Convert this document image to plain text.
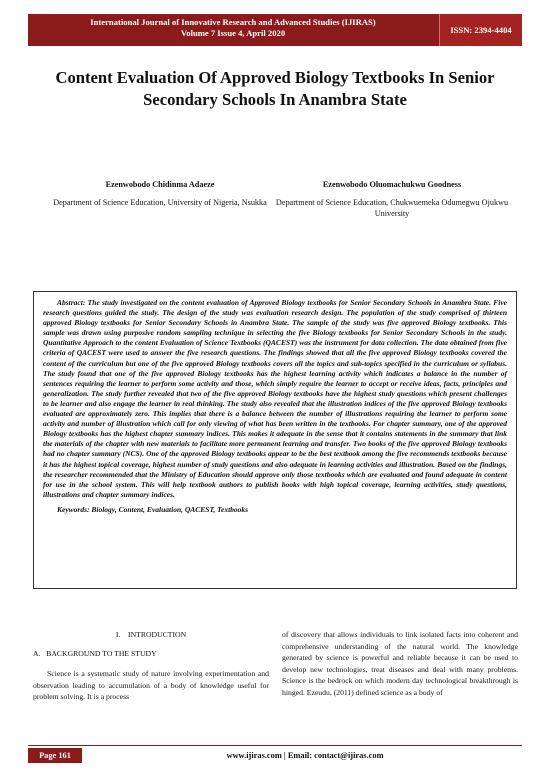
International Journal of Innovative Research and Advanced Studies (IJIRAS)
Volume 7 Issue 4, April 2020	ISSN: 2394-4404
Content Evaluation Of Approved Biology Textbooks In Senior Secondary Schools In Anambra State
Ezenwobodo Chidinma Adaeze
Department of Science Education, University of Nigeria, Nsukka
Ezenwobodo Oluomachukwu Goodness
Department of Science Education, Chukwuemeka Odumegwu Ojukwu University

Abstract: The study investigated on the content evaluation of Approved Biology textbooks for Senior Secondary Schools in Anambra State. Five research questions guided the study. The design of the study was evaluation research design. The population of the study comprised of thirteen approved Biology textbooks for Senior Secondary Schools in Anambra State. The sample of the study was five approved Biology textbooks. This sample was drawn using purposive random sampling technique in selecting the five Biology textbooks for Senior Secondary Schools in the study. Quantitative Approach to the content Evaluation of Science Textbooks (QACEST) was the instrument for data collection. The data obtained from five criteria of QACEST were used to answer the five research questions. The findings showed that all the five approved Biology textbooks covered the content of the curriculum but one of the five approved Biology textbooks covers all the topics and sub-topics specified in the curriculum or syllabus. The study found that one of the five approved Biology textbooks has the highest learning activity which indicates a balance in the number of sentences requiring the learner to perform some activity and those, which simply require the learner to accept or receive ideas, facts, principles and generalization. The study further revealed that two of the five approved Biology textbooks have the highest study questions which present challenges to be learner and also engage the learner in real thinking. The study also revealed that the illustration indices of the five approved Biology textbooks evaluated are approximately zero. This implies that there is a balance between the number of illustrations requiring the learner to perform some activity and number of illustration which call for only viewing of what has been written in the textbooks. For chapter summary, one of the approved Biology textbooks has the highest chapter summary indices. This makes it adequate in the sense that it contains statements in the summary that link the materials of the chapter with new materials to facilitate more permanent learning and transfer. Two books of the five approved Biology textbooks had no chapter summary (NCS). One of the approved Biology textbooks appear to be the best textbook among the five recommends textbooks because it has the highest topical coverage, highest number of study questions and also adequate in learning activities and illustration. Based on the findings, the researcher recommended that the Ministry of Education should approve only those textbooks which are evaluated and found adequate in content for use in the school system. This will help textbook authors to publish books with high topical coverage, learning activities, study questions, illustrations and chapter summary indices.

Keywords: Biology, Content, Evaluation, QACEST, Textbooks
I.    INTRODUCTION
A.   BACKGROUND TO THE STUDY

Science is a systematic study of nature involving experimentation and observation leading to accumulation of a body of knowledge useful for problem solving. It is a process

of discovery that allows individuals to link isolated facts into coherent and comprehensive understanding of the natural world. The knowledge generated by science is powerful and reliable because it can be used to develop new technologies, treat diseases and deal with many problems. Science is the bedrock on which modern day technological breakthrough is hinged. Ezeudu, (2011) defined science as a body of

Page 161	www.ijiras.com | Email: contact@ijiras.com
